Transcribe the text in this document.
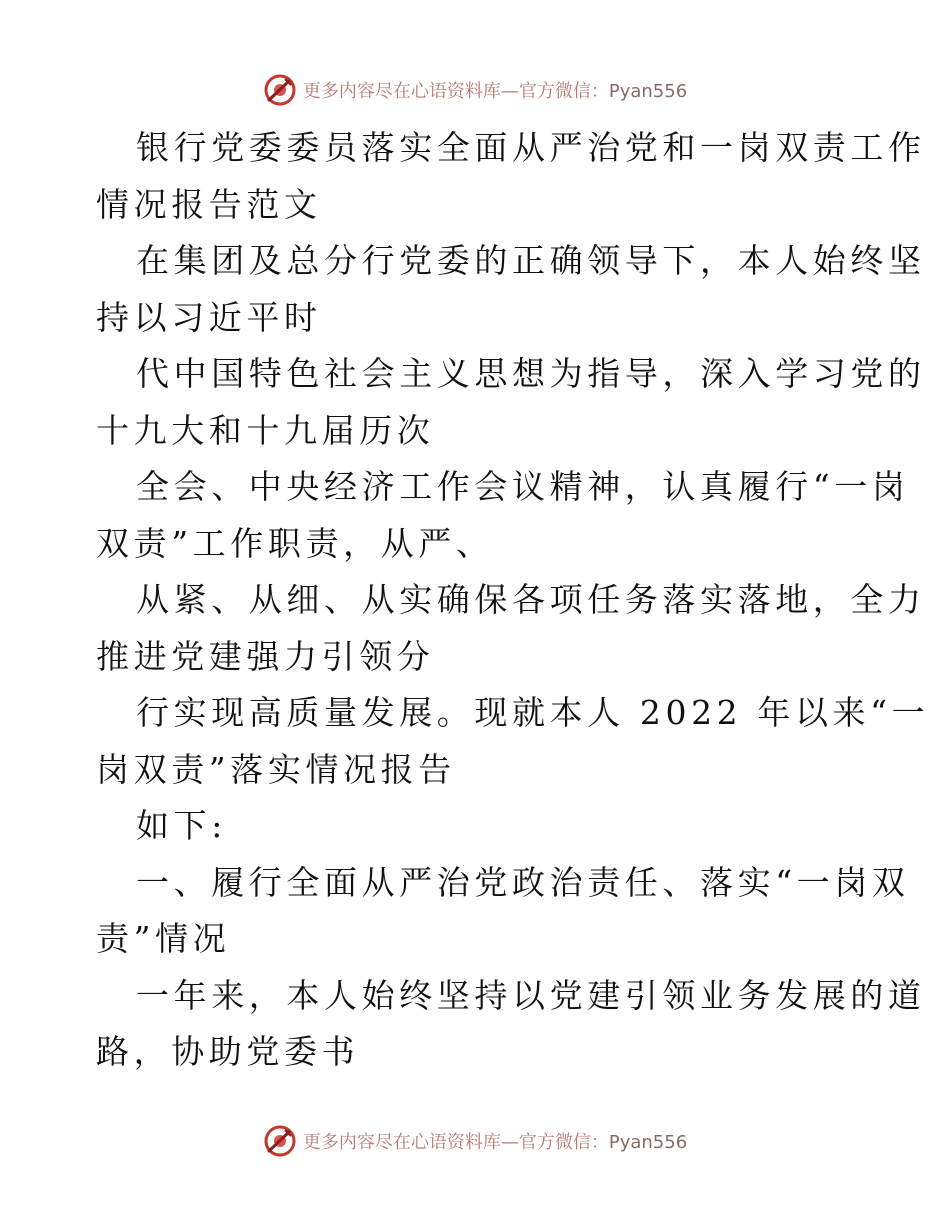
更多内容尽在心语资料库—官方微信：Pyan556
银行党委委员落实全面从严治党和一岗双责工作
情况报告范文
在集团及总分行党委的正确领导下，本人始终坚
持以习近平时
代中国特色社会主义思想为指导，深入学习党的
十九大和十九届历次
全会、中央经济工作会议精神，认真履行“一岗
双责”工作职责，从严、
从紧、从细、从实确保各项任务落实落地，全力
推进党建强力引领分
行实现高质量发展。现就本人 2022 年以来“一
岗双责”落实情况报告
如下:
一、履行全面从严治党政治责任、落实“一岗双
责”情况
一年来，本人始终坚持以党建引领业务发展的道
路，协助党委书
更多内容尽在心语资料库—官方微信：Pyan556
